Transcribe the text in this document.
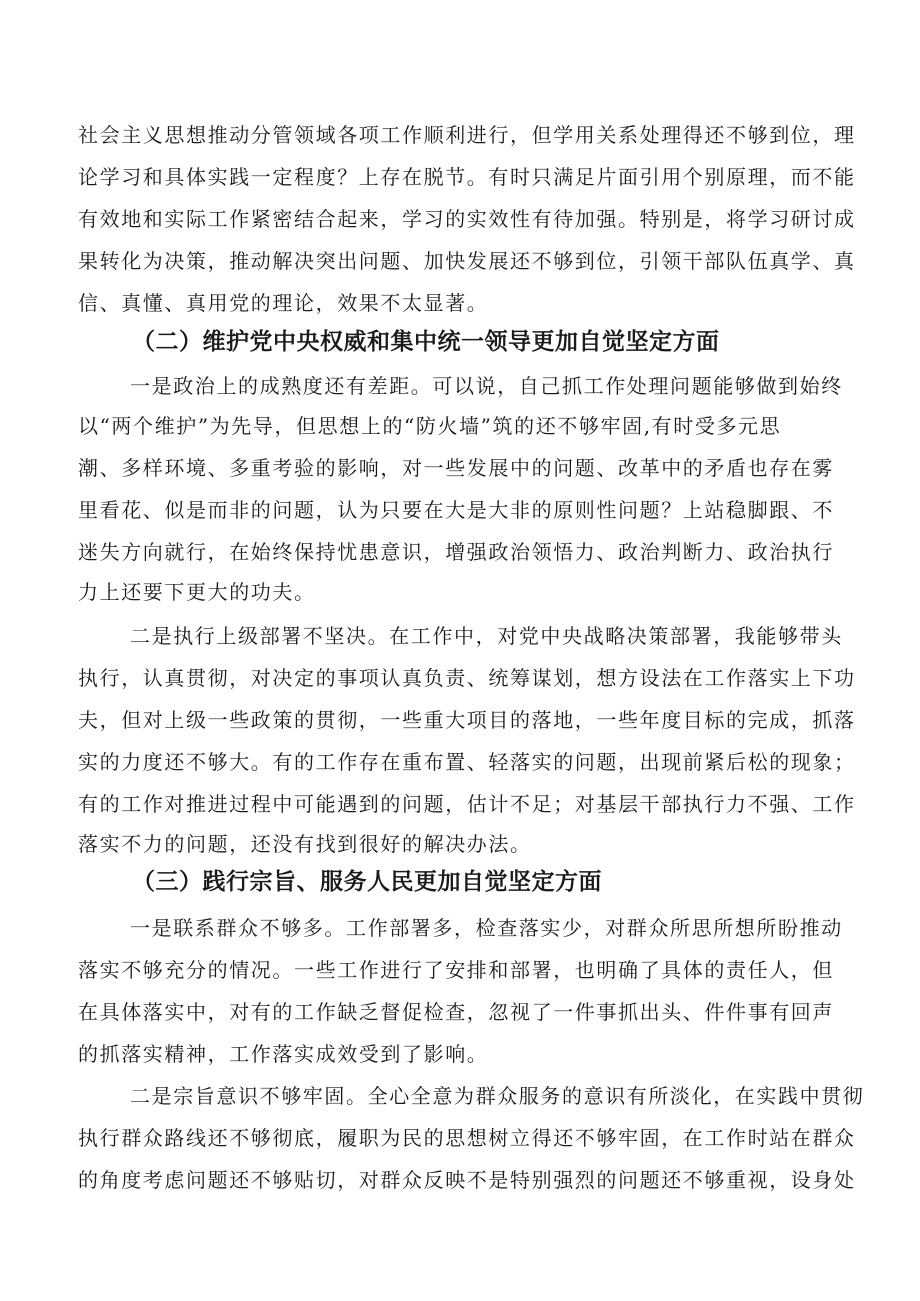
社会主义思想推动分管领域各项工作顺利进行，但学用关系处理得还不够到位，理
论学习和具体实践一定程度？上存在脱节。有时只满足片面引用个别原理，而不能
有效地和实际工作紧密结合起来，学习的实效性有待加强。特别是，将学习研讨成
果转化为决策，推动解决突出问题、加快发展还不够到位，引领干部队伍真学、真
信、真懂、真用党的理论，效果不太显著。
（二）维护党中央权威和集中统一领导更加自觉坚定方面
一是政治上的成熟度还有差距。可以说，自己抓工作处理问题能够做到始终
以“两个维护”为先导，但思想上的“防火墙”筑的还不够牢固,有时受多元思
潮、多样环境、多重考验的影响，对一些发展中的问题、改革中的矛盾也存在雾
里看花、似是而非的问题，认为只要在大是大非的原则性问题？上站稳脚跟、不
迷失方向就行，在始终保持忧患意识，增强政治领悟力、政治判断力、政治执行
力上还要下更大的功夫。
二是执行上级部署不坚决。在工作中，对党中央战略决策部署，我能够带头
执行，认真贯彻，对决定的事项认真负责、统筹谋划，想方设法在工作落实上下功
夫，但对上级一些政策的贯彻，一些重大项目的落地，一些年度目标的完成，抓落
实的力度还不够大。有的工作存在重布置、轻落实的问题，出现前紧后松的现象；
有的工作对推进过程中可能遇到的问题，估计不足；对基层干部执行力不强、工作
落实不力的问题，还没有找到很好的解决办法。
（三）践行宗旨、服务人民更加自觉坚定方面
一是联系群众不够多。工作部署多，检查落实少，对群众所思所想所盼推动
落实不够充分的情况。一些工作进行了安排和部署，也明确了具体的责任人，但
在具体落实中，对有的工作缺乏督促检查，忽视了一件事抓出头、件件事有回声
的抓落实精神，工作落实成效受到了影响。
二是宗旨意识不够牢固。全心全意为群众服务的意识有所淡化，在实践中贯彻
执行群众路线还不够彻底，履职为民的思想树立得还不够牢固，在工作时站在群众
的角度考虑问题还不够贴切，对群众反映不是特别强烈的问题还不够重视，设身处
